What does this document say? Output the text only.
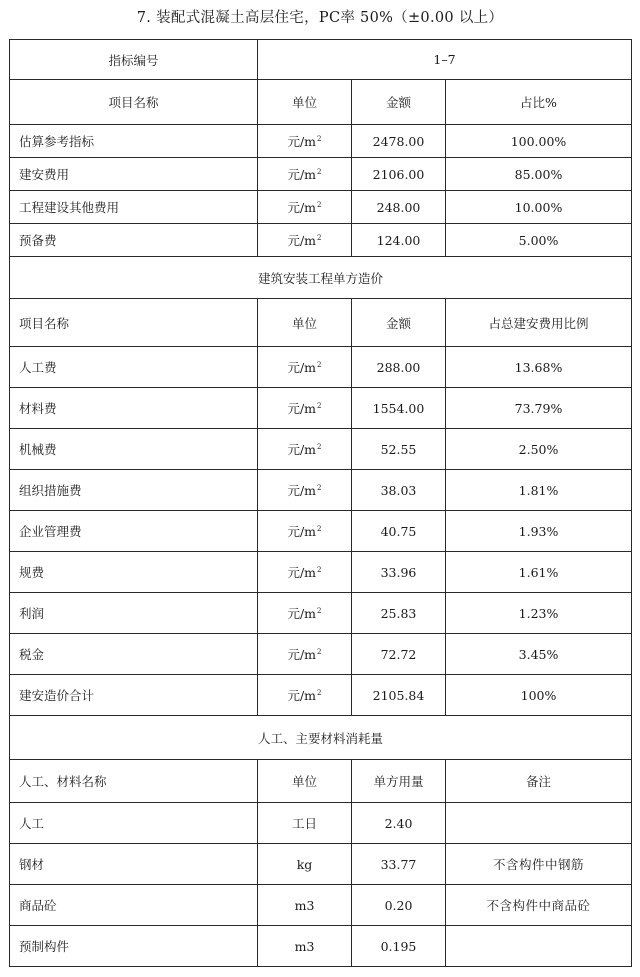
7. 装配式混凝土高层住宅，PC率 50%（±0.00 以上）
指标编号	1–7		
项目名称	单位	金额	占比%
估算参考指标	元$/m^2$	2478.00	100.00%
建安费用	元$/m^2$	2106.00	85.00%
工程建设其他费用	元$/m^2$	248.00	10.00%
预备费	元$/m^2$	124.00	5.00%
建筑安装工程单方造价			
项目名称	单位	金额	占总建安费用比例
人工费	元$/m^2$	288.00	13.68%
材料费	元$/m^2$	1554.00	73.79%
机械费	元$/m^2$	52.55	2.50%
组织措施费	元$/m^2$	38.03	1.81%
企业管理费	元$/m^2$	40.75	1.93%
规费	元$/m^2$	33.96	1.61%
利润	元$/m^2$	25.83	1.23%
税金	元$/m^2$	72.72	3.45%
建安造价合计	元$/m^2$	2105.84	100%
人工、主要材料消耗量			
人工、材料名称	单位	单方用量	备注
人工	工日	2.40	
钢材	kg	33.77	不含构件中钢筋
商品砼	m3	0.20	不含构件中商品砼
预制构件	m3	0.195	
